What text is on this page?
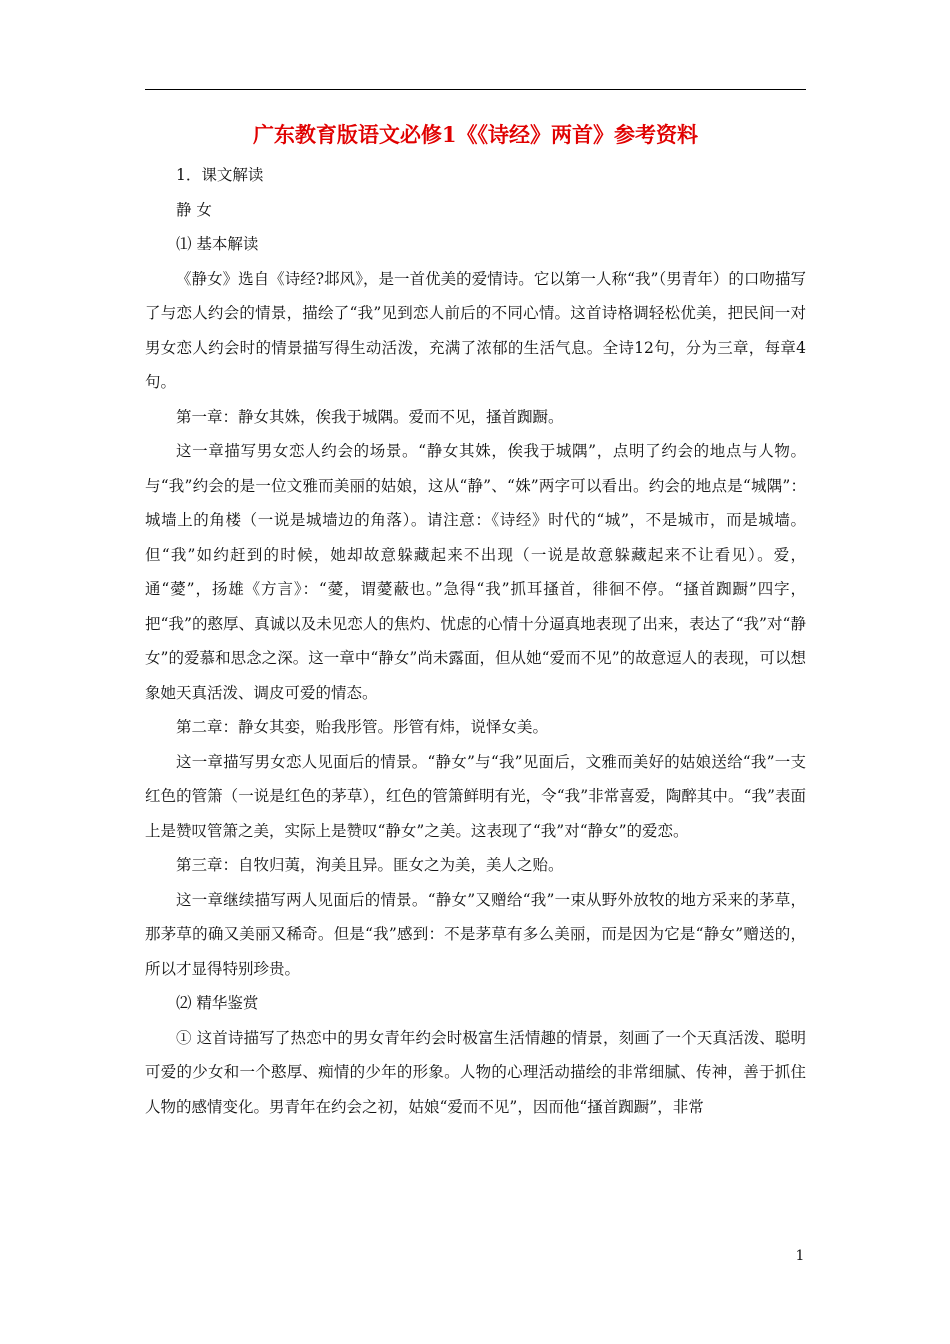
广东教育版语文必修1《《诗经》两首》参考资料

1．课文解读

静 女

⑴ 基本解读

《静女》选自《诗经?邶风》，是一首优美的爱情诗。它以第一人称“我”（男青年）的口吻描写了与恋人约会的情景，描绘了“我”见到恋人前后的不同心情。这首诗格调轻松优美，把民间一对男女恋人约会时的情景描写得生动活泼，充满了浓郁的生活气息。全诗12句，分为三章，每章4句。

第一章：静女其姝，俟我于城隅。爱而不见，搔首踟蹰。

这一章描写男女恋人约会的场景。“静女其姝，俟我于城隅”，点明了约会的地点与人物。与“我”约会的是一位文雅而美丽的姑娘，这从“静”、“姝”两字可以看出。约会的地点是“城隅”：城墙上的角楼（一说是城墙边的角落）。请注意：《诗经》时代的“城”，不是城市，而是城墙。但“我”如约赶到的时候，她却故意躲藏起来不出现（一说是故意躲藏起来不让看见）。爱，通“薆”，扬雄《方言》：“薆，谓薆蔽也。”急得“我”抓耳搔首，徘徊不停。“搔首踟蹰”四字，把“我”的憨厚、真诚以及未见恋人的焦灼、忧虑的心情十分逼真地表现了出来，表达了“我”对“静女”的爱慕和思念之深。这一章中“静女”尚未露面，但从她“爱而不见”的故意逗人的表现，可以想象她天真活泼、调皮可爱的情态。

第二章：静女其娈，贻我彤管。彤管有炜，说怿女美。

这一章描写男女恋人见面后的情景。“静女”与“我”见面后，文雅而美好的姑娘送给“我”一支红色的管箫（一说是红色的茅草），红色的管箫鲜明有光，令“我”非常喜爱，陶醉其中。“我”表面上是赞叹管箫之美，实际上是赞叹“静女”之美。这表现了“我”对“静女”的爱恋。

第三章：自牧归荑，洵美且异。匪女之为美，美人之贻。

这一章继续描写两人见面后的情景。“静女”又赠给“我”一束从野外放牧的地方采来的茅草，那茅草的确又美丽又稀奇。但是“我”感到：不是茅草有多么美丽，而是因为它是“静女”赠送的，所以才显得特别珍贵。

⑵ 精华鉴赏

① 这首诗描写了热恋中的男女青年约会时极富生活情趣的情景，刻画了一个天真活泼、聪明可爱的少女和一个憨厚、痴情的少年的形象。人物的心理活动描绘的非常细腻、传神，善于抓住人物的感情变化。男青年在约会之初，姑娘“爱而不见”，因而他“搔首踟蹰”，非常

1
